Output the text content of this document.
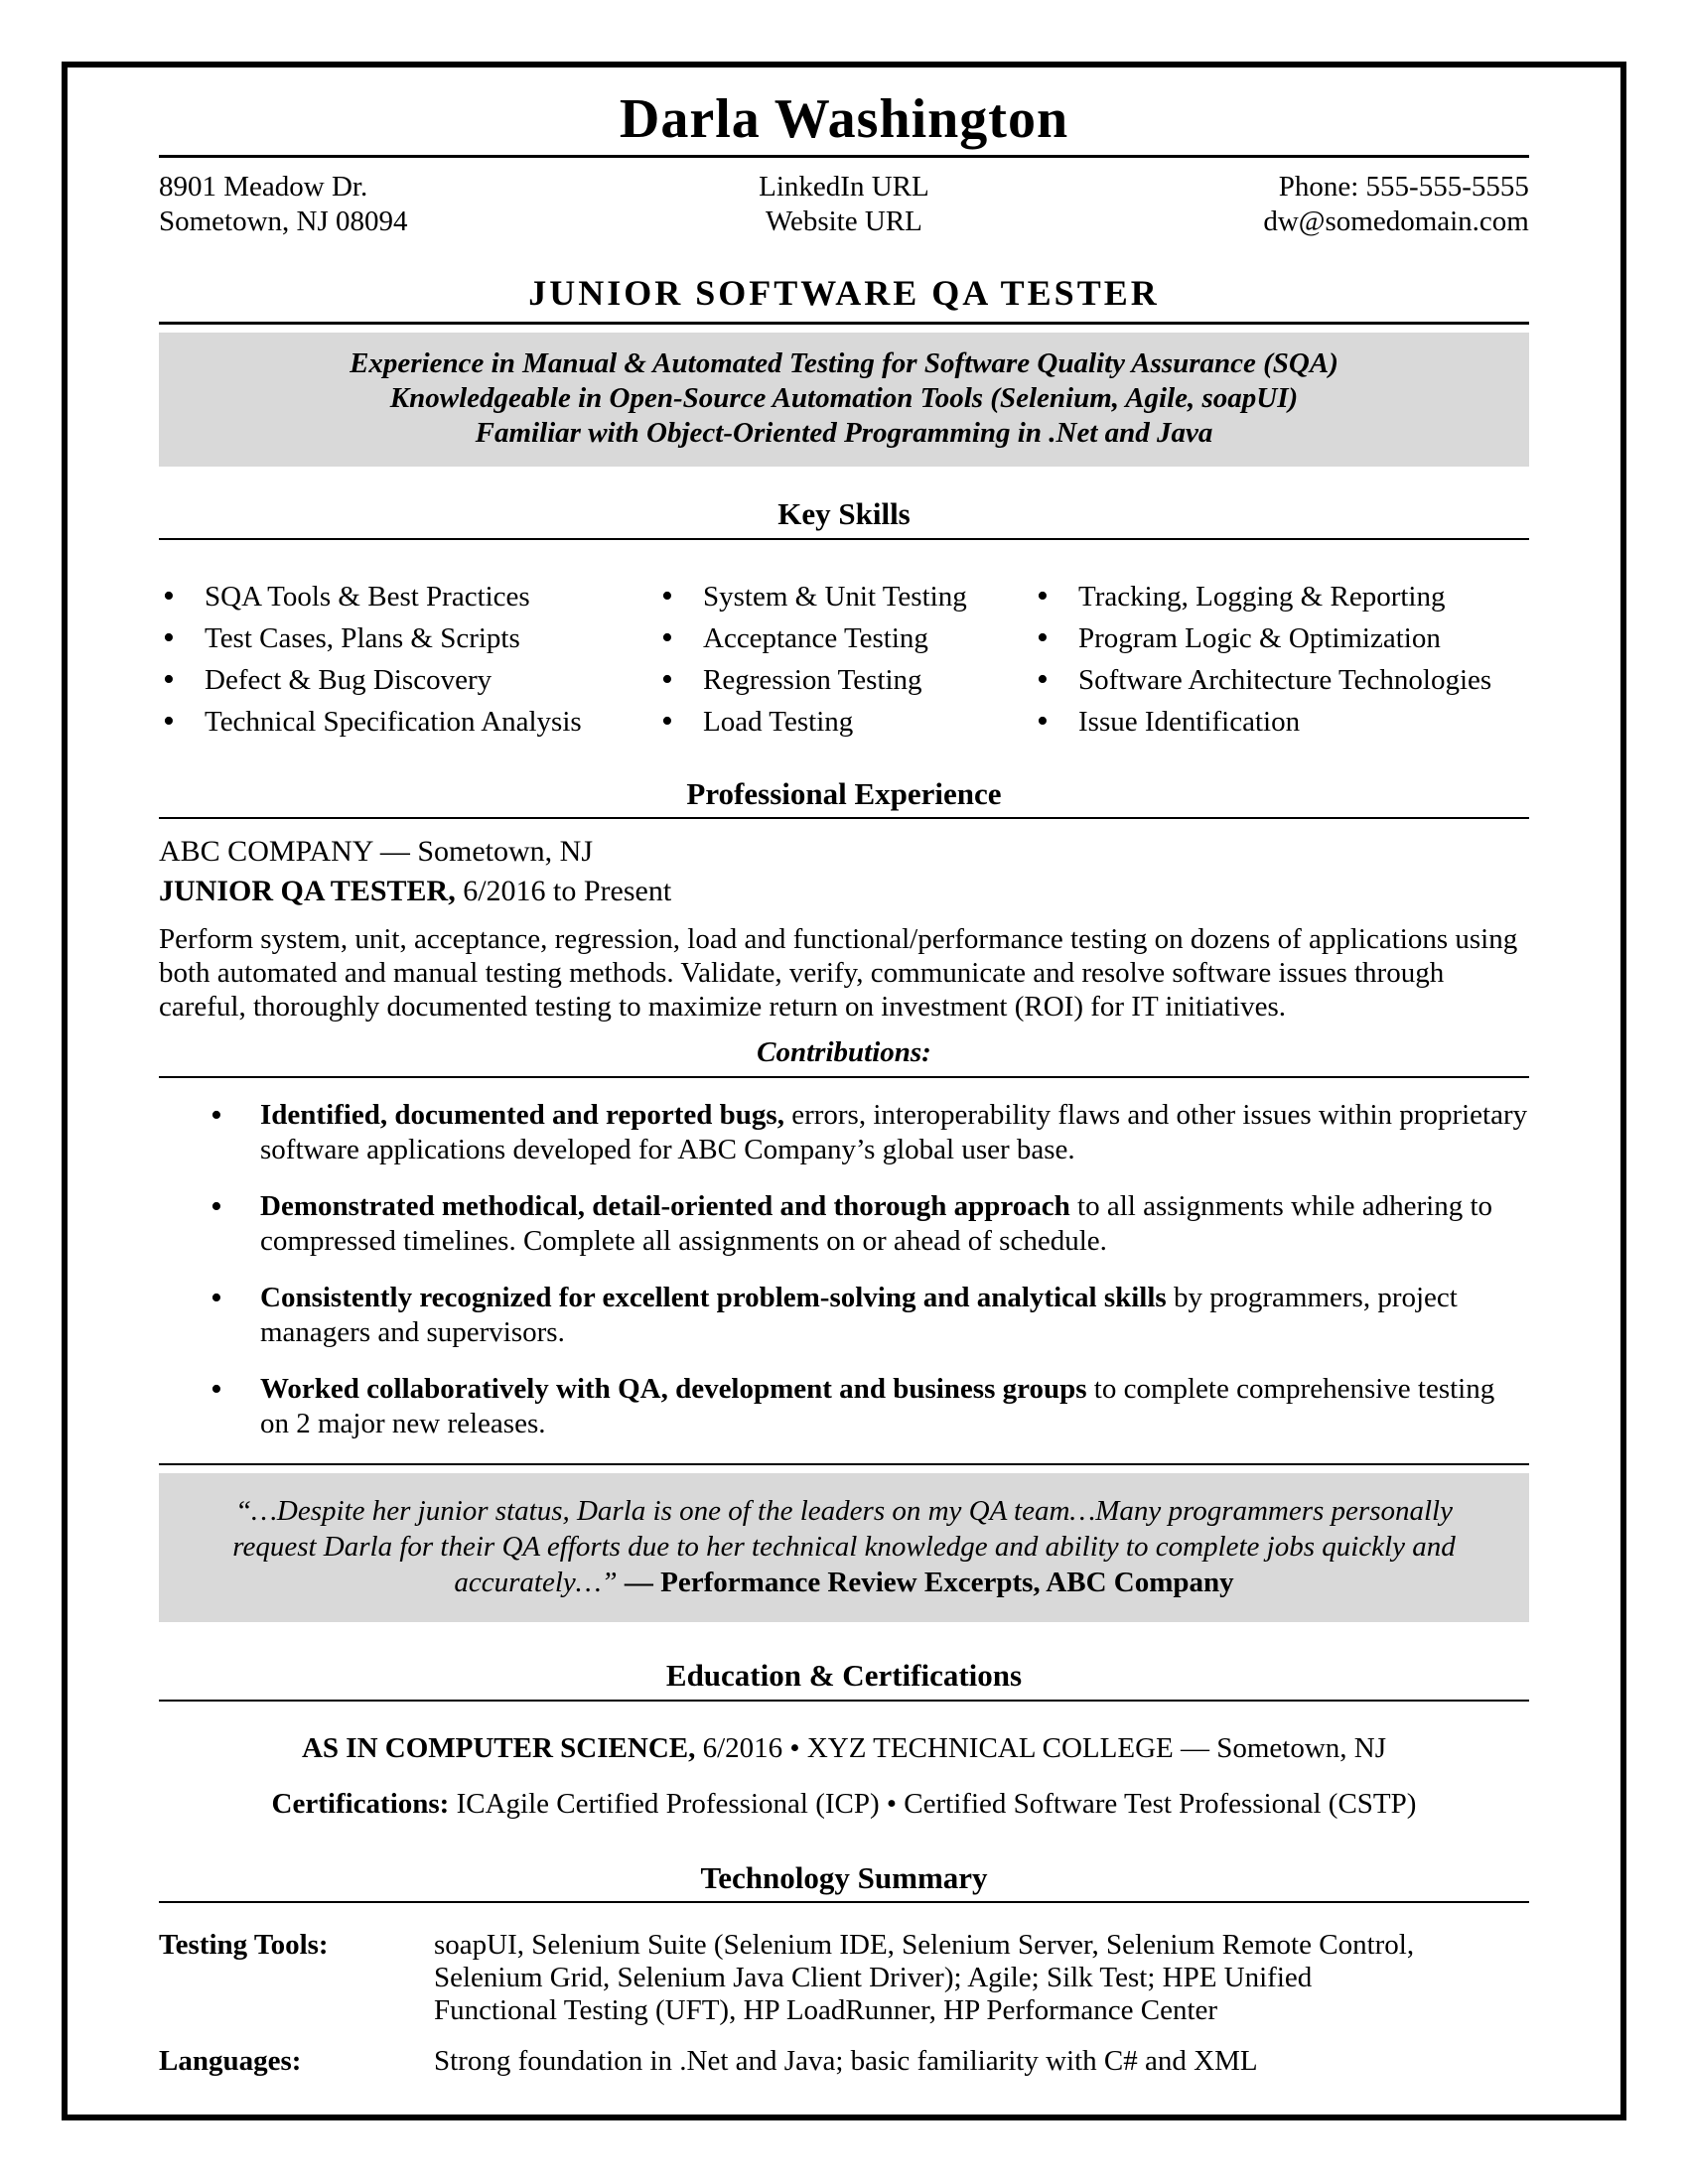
Darla Washington
8901 Meadow Dr.
Sometown, NJ 08094
LinkedIn URL
Website URL
Phone: 555-555-5555
dw@somedomain.com
JUNIOR SOFTWARE QA TESTER
Experience in Manual & Automated Testing for Software Quality Assurance (SQA)
Knowledgeable in Open-Source Automation Tools (Selenium, Agile, soapUI)
Familiar with Object-Oriented Programming in .Net and Java
Key Skills
• SQA Tools & Best Practices
• Test Cases, Plans & Scripts
• Defect & Bug Discovery
• Technical Specification Analysis
• System & Unit Testing
• Acceptance Testing
• Regression Testing
• Load Testing
• Tracking, Logging & Reporting
• Program Logic & Optimization
• Software Architecture Technologies
• Issue Identification
Professional Experience
ABC COMPANY — Sometown, NJ
JUNIOR QA TESTER, 6/2016 to Present
Perform system, unit, acceptance, regression, load and functional/performance testing on dozens of applications using both automated and manual testing methods. Validate, verify, communicate and resolve software issues through careful, thoroughly documented testing to maximize return on investment (ROI) for IT initiatives.
Contributions:
• Identified, documented and reported bugs, errors, interoperability flaws and other issues within proprietary software applications developed for ABC Company’s global user base.
• Demonstrated methodical, detail-oriented and thorough approach to all assignments while adhering to compressed timelines. Complete all assignments on or ahead of schedule.
• Consistently recognized for excellent problem-solving and analytical skills by programmers, project managers and supervisors.
• Worked collaboratively with QA, development and business groups to complete comprehensive testing on 2 major new releases.
“…Despite her junior status, Darla is one of the leaders on my QA team…Many programmers personally request Darla for their QA efforts due to her technical knowledge and ability to complete jobs quickly and accurately…” — Performance Review Excerpts, ABC Company
Education & Certifications
AS IN COMPUTER SCIENCE, 6/2016 • XYZ TECHNICAL COLLEGE — Sometown, NJ
Certifications: ICAgile Certified Professional (ICP) • Certified Software Test Professional (CSTP)
Technology Summary
Testing Tools:	soapUI, Selenium Suite (Selenium IDE, Selenium Server, Selenium Remote Control, Selenium Grid, Selenium Java Client Driver); Agile; Silk Test; HPE Unified Functional Testing (UFT), HP LoadRunner, HP Performance Center
Languages:	Strong foundation in .Net and Java; basic familiarity with C# and XML
